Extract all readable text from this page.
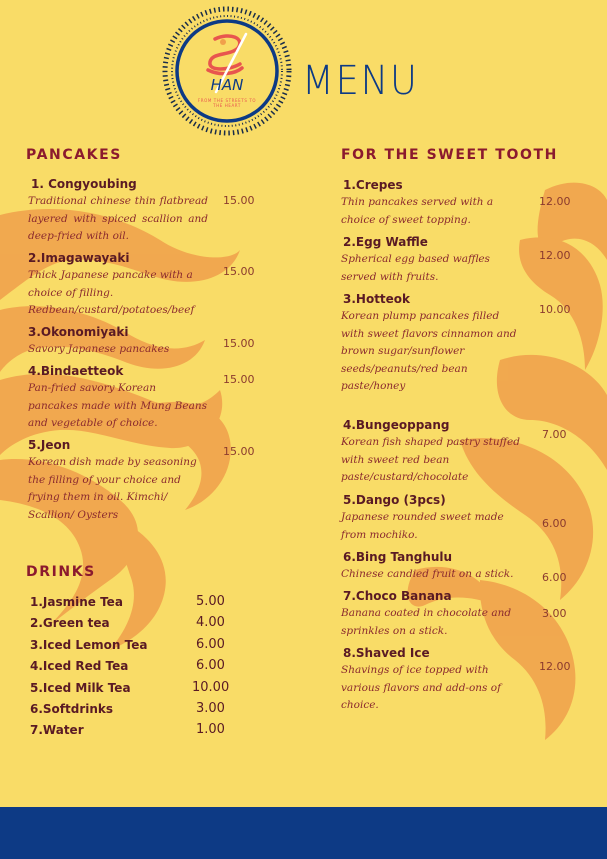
HAN
FROM THE STREETS TO THE HEART
MENU
PANCAKES
1. Congyoubing
Traditional chinese thin flatbread layered with spiced scallion and deep-fried with oil.
15.00
2.Imagawayaki
Thick Japanese pancake with a choice of filling. Redbean/custard/potatoes/beef
15.00
3.Okonomiyaki
Savory Japanese pancakes	15.00
4.Bindaetteok
Pan-fried savory Korean pancakes made with Mung Beans and vegetable of choice.
15.00
5.Jeon
Korean dish made by seasoning the filling of your choice and frying them in oil. Kimchi/ Scallion/ Oysters
15.00
DRINKS
1.Jasmine Tea	5.00
2.Green tea	4.00
3.Iced Lemon Tea	6.00
4.Iced Red Tea	6.00
5.Iced Milk Tea	10.00
6.Softdrinks	3.00
7.Water	1.00
FOR THE SWEET TOOTH
1.Crepes
Thin pancakes served with a choice of sweet topping.
12.00
2.Egg Waffle
Spherical egg based waffles served with fruits.
12.00
3.Hotteok
Korean plump pancakes filled with sweet flavors cinnamon and brown sugar/sunflower seeds/peanuts/red bean paste/honey
10.00
4.Bungeoppang
Korean fish shaped pastry stuffed with sweet red bean paste/custard/chocolate
7.00
5.Dango (3pcs)
Japanese rounded sweet made from mochiko.
6.00
6.Bing Tanghulu
Chinese candied fruit on a stick.	6.00
7.Choco Banana
Banana coated in chocolate and sprinkles on a stick.
3.00
8.Shaved Ice
Shavings of ice topped with various flavors and add-ons of choice.
12.00
